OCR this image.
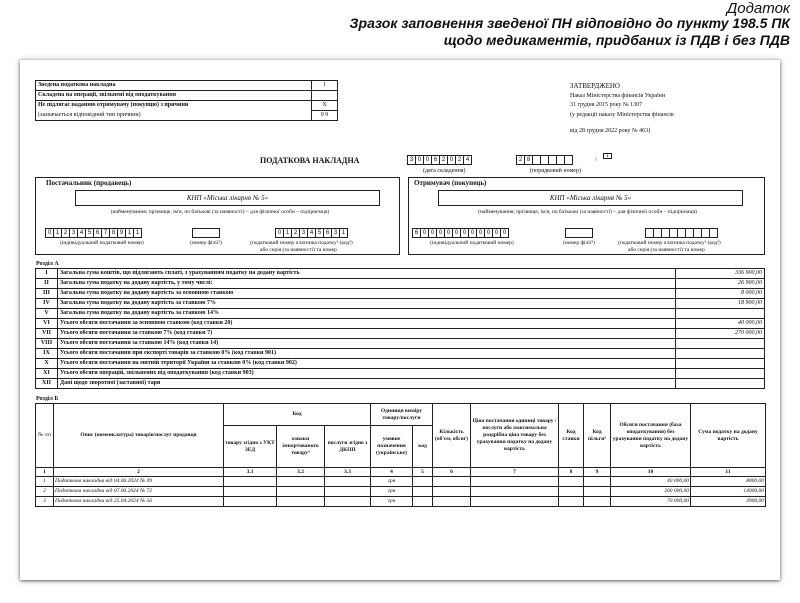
Додаток
Зразок заповнення зведеної ПН відповідно до пункту 198.5 ПК
щодо медикаментів, придбаних із ПДВ і без ПДВ
Зведена податкова накладна	1
Складена на операції, звільнені від оподаткування	
Не підлягає наданню отримувачу (покупцю) з причини	X
(зазначається відповідний тип причини)	0 9
ЗАТВЕРДЖЕНО
Наказ Міністерства фінансів України
31 грудня 2015 року № 1307
(у редакції наказу Міністерства фінансів
від 28 грудня 2022 року № 463)
ПОДАТКОВА НАКЛАДНА	3 0 0 6 2 0 2 4
(дата складення)
2 8	/
1
(порядковий номер)
Постачальник (продавець)
КНП «Міська лікарня № 5»
(найменування; прізвище, ім'я, по батькові (за наявності) – для фізичної особи – підприємця)
0 1 2 3 4 5 6 7 8 9 1 1
(індивідуальний податковий номер)	(номер філії¹)
0 1 2 3 4 5 6 3 1
(податковий номер платника податку² (код³)
або серія (за наявності) та номер
Отримувач (покупець)
КНП «Міська лікарня № 5»
(найменування; прізвище, ім'я, по батькові (за наявності) – для фізичної особи – підприємця)
6 0 0 0 0 0 0 0 0 0 0 0
(індивідуальний податковий номер)	(номер філії¹)	(податковий номер платника податку² (код³)
або серія (за наявності) та номер
Розділ А
I	Загальна сума коштів, що підлягають сплаті, з урахуванням податку на додану вартість	336 900,00
II	Загальна сума податку на додану вартість, у тому числі:	26 900,00
III	Загальна сума податку на додану вартість за основною ставкою	8 000,00
IV	Загальна сума податку на додану вартість за ставкою 7%	18 900,00
V	Загальна сума податку на додану вартість за ставкою 14%	
VI	Усього обсяги постачання за основною ставкою (код ставки 20)	40 000,00
VII	Усього обсяги постачання за ставкою 7% (код ставки 7)	270 000,00
VIII	Усього обсяги постачання за ставкою 14% (код ставки 14)	
IX	Усього обсяги постачання при експорті товарів за ставкою 0% (код ставки 901)	
X	Усього обсяги постачання на митній території України за ставкою 0% (код ставки 902)	
XI	Усього обсяги операцій, звільнених від оподаткування (код ставки 903)	
XII	Дані щодо зворотної (заставної) тари	
Розділ Б
№ з/п	Опис (номенклатура) товарів/послуг продавця	Код			Одиниця виміру товару/послуги		Кількість (об'єм, обсяг)	Ціна постачання одиниці товару / послуги або максимальна роздрібна ціна товару без урахування податку на додану вартість	Код ставки	Код пільги⁵	Обсяги постачання (база оподаткування) без урахування податку на додану вартість	Сума податку на додану вартість
		товару згідно з УКТ ЗЕД	ознаки імпортованого товару⁴	послуги згідно з ДКПП	умовне позначення (українське)	код						
1	2	3.1	3.2	3.3	4	5	6	7	8	9	10	11
1	Податкова накладна від 04.06.2024 № 49				грн						40 000,00	8000,00
2	Податкова накладна від 07.06.2024 № 72				грн						200 000,00	14000,00
3	Податкова накладна від 25.04.2024 № 56				грн						70 000,00	4900,00
